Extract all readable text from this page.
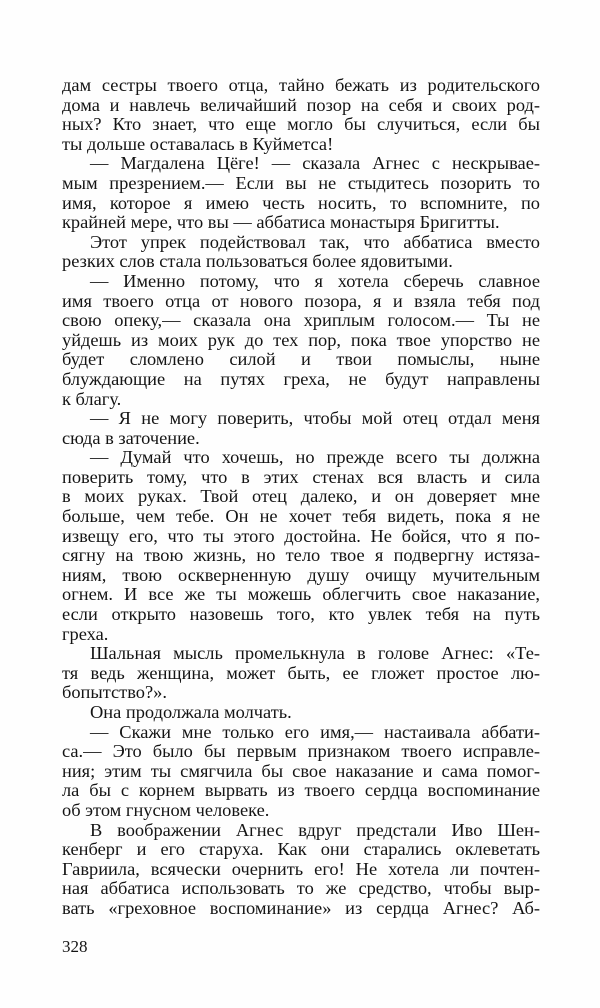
дам сестры твоего отца, тайно бежать из родительского
дома и навлечь величайший позор на себя и своих род-
ных? Кто знает, что еще могло бы случиться, если бы
ты дольше оставалась в Куйметса!
— Магдалена Цёге! — сказала Агнес с нескрывае-
мым презрением.— Если вы не стыдитесь позорить то
имя, которое я имею честь носить, то вспомните, по
крайней мере, что вы — аббатиса монастыря Бригитты.
Этот упрек подействовал так, что аббатиса вместо
резких слов стала пользоваться более ядовитыми.
— Именно потому, что я хотела сберечь славное
имя твоего отца от нового позора, я и взяла тебя под
свою опеку,— сказала она хриплым голосом.— Ты не
уйдешь из моих рук до тех пор, пока твое упорство не
будет сломлено силой и твои помыслы, ныне
блуждающие на путях греха, не будут направлены
к благу.
— Я не могу поверить, чтобы мой отец отдал меня
сюда в заточение.
— Думай что хочешь, но прежде всего ты должна
поверить тому, что в этих стенах вся власть и сила
в моих руках. Твой отец далеко, и он доверяет мне
больше, чем тебе. Он не хочет тебя видеть, пока я не
извещу его, что ты этого достойна. Не бойся, что я по-
сягну на твою жизнь, но тело твое я подвергну истяза-
ниям, твою оскверненную душу очищу мучительным
огнем. И все же ты можешь облегчить свое наказание,
если открыто назовешь того, кто увлек тебя на путь
греха.
Шальная мысль промелькнула в голове Агнес: «Те-
тя ведь женщина, может быть, ее гложет простое лю-
бопытство?».
Она продолжала молчать.
— Скажи мне только его имя,— настаивала аббати-
са.— Это было бы первым признаком твоего исправле-
ния; этим ты смягчила бы свое наказание и сама помог-
ла бы с корнем вырвать из твоего сердца воспоминание
об этом гнусном человеке.
В воображении Агнес вдруг предстали Иво Шен-
кенберг и его старуха. Как они старались оклеветать
Гавриила, всячески очернить его! Не хотела ли почтен-
ная аббатиса использовать то же средство, чтобы выр-
вать «греховное воспоминание» из сердца Агнес? Аб-
328
